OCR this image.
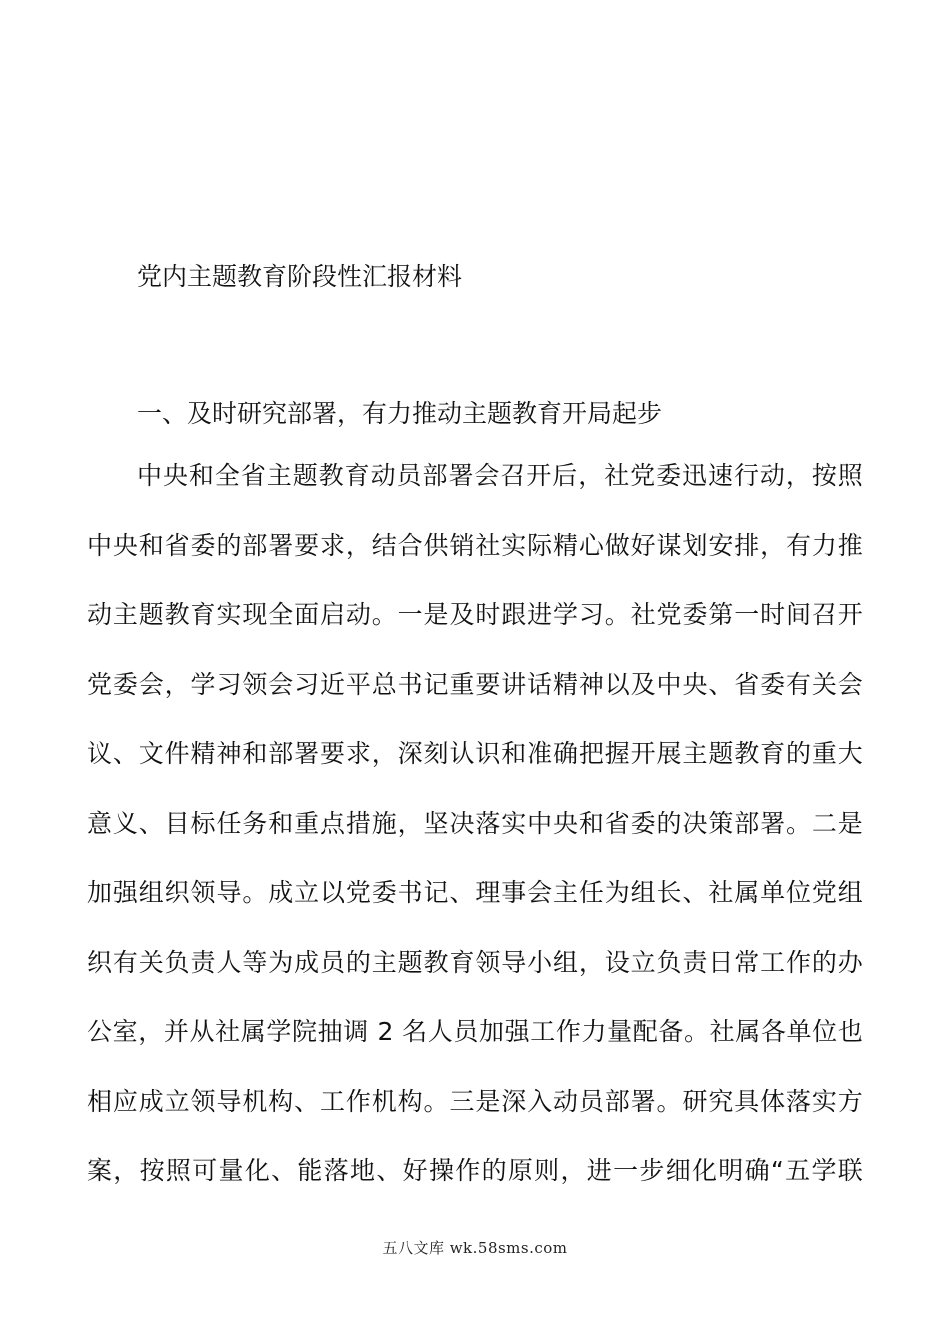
党内主题教育阶段性汇报材料
一、及时研究部署，有力推动主题教育开局起步
中央和全省主题教育动员部署会召开后，社党委迅速行动，按照
中央和省委的部署要求，结合供销社实际精心做好谋划安排，有力推
动主题教育实现全面启动。一是及时跟进学习。社党委第一时间召开
党委会，学习领会习近平总书记重要讲话精神以及中央、省委有关会
议、文件精神和部署要求，深刻认识和准确把握开展主题教育的重大
意义、目标任务和重点措施，坚决落实中央和省委的决策部署。二是
加强组织领导。成立以党委书记、理事会主任为组长、社属单位党组
织有关负责人等为成员的主题教育领导小组，设立负责日常工作的办
公室，并从社属学院抽调 2 名人员加强工作力量配备。社属各单位也
相应成立领导机构、工作机构。三是深入动员部署。研究具体落实方
案，按照可量化、能落地、好操作的原则，进一步细化明确“五学联
五八文库 wk.58sms.com
